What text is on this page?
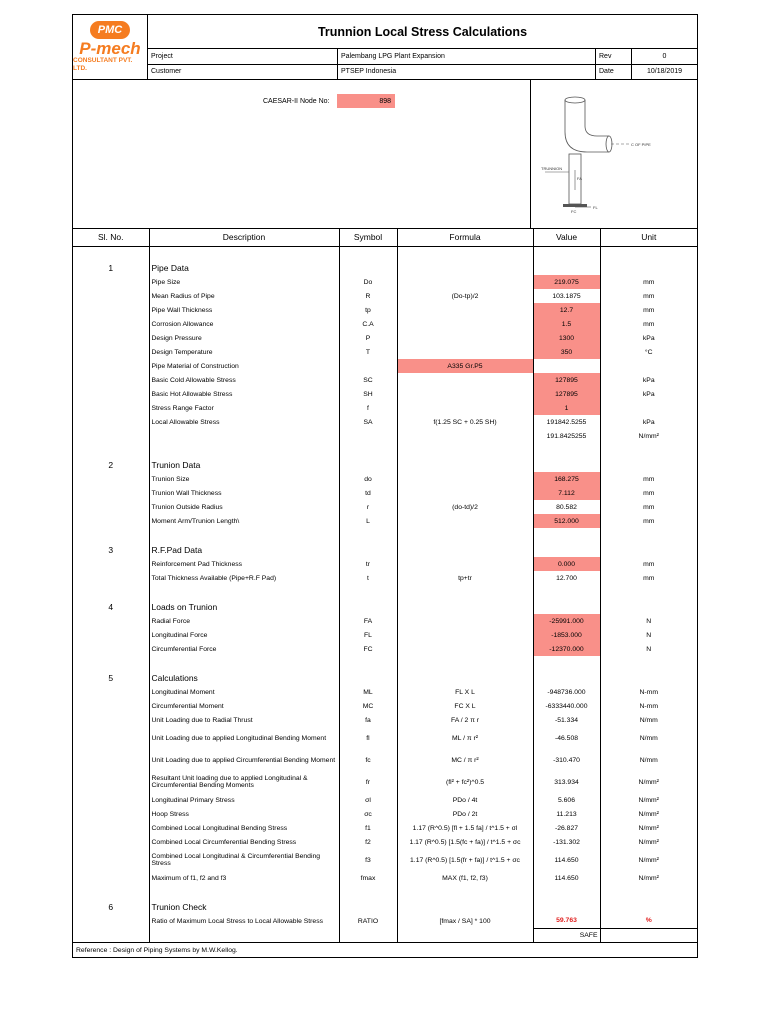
PMC
P-mech
CONSULTANT PVT. LTD.
Trunnion Local Stress Calculations
Project	Palembang LPG Plant Expansion	Rev	0
Customer	PTSEP Indonesia	Date	10/18/2019
CAESAR-II Node No:	898
TRUNNION
FA
FL
FC
C OF PIPE
Sl. No.	Description	Symbol	Formula	Value	Unit

1	Pipe Data				
	Pipe Size	Do		219.075	mm
	Mean Radius of Pipe	R	(Do-tp)/2	103.1875	mm
	Pipe Wall Thickness	tp		12.7	mm
	Corrosion Allowance	C.A		1.5	mm
	Design Pressure	P		1300	kPa
	Design Temperature	T		350	°C
	Pipe Material of Construction		A335 Gr.P5		
	Basic Cold Allowable Stress	SC		127895	kPa
	Basic Hot Allowable Stress	SH		127895	kPa
	Stress Range Factor	f		1	
	Local Allowable Stress	SA	f(1.25 SC + 0.25 SH)	191842.5255	kPa
				191.8425255	N/mm²

2	Trunion Data				
	Trunion Size	do		168.275	mm
	Trunion Wall Thickness	td		7.112	mm
	Trunion Outside Radius	r	(do-td)/2	80.582	mm
	Moment Arm/Trunion Length\	L		512.000	mm

3	R.F.Pad Data				
	Reinforcement Pad Thickness	tr		0.000	mm
	Total Thickness Available (Pipe+R.F Pad)	t	tp+tr	12.700	mm

4	Loads on Trunion				
	Radial Force	FA		-25991.000	N
	Longitudinal Force	FL		-1853.000	N
	Circumferential Force	FC		-12370.000	N

5	Calculations				
	Longitudinal Moment	ML	FL X L	-948736.000	N-mm
	Circumferential Moment	MC	FC X L	-6333440.000	N-mm
	Unit Loading due to Radial Thrust	fa	FA / 2 π r	-51.334	N/mm
	Unit Loading due to applied Longitudinal Bending Moment	fl	ML / π r²	-46.508	N/mm
	Unit Loading due to applied Circumferential Bending Moment	fc	MC / π r²	-310.470	N/mm
	Resultant Unit loading due to applied Longitudinal & Circumferential Bending Moments	fr	(fl² + fc²)^0.5	313.934	N/mm²
	Longitudinal Primary Stress	σl	PDo / 4t	5.606	N/mm²
	Hoop Stress	σc	PDo / 2t	11.213	N/mm²
	Combined Local Longitudinal Bending Stress	f1	1.17 (R^0.5) [fl + 1.5 fa] / t^1.5 + σl	-26.827	N/mm²
	Combined Local Circumferential Bending Stress	f2	1.17 (R^0.5) [1.5(fc + fa)] / t^1.5 + σc	-131.302	N/mm²
	Combined Local Longitudinal & Circumferential Bending Stress	f3	1.17 (R^0.5) [1.5(fr + fa)] / t^1.5 + σc	114.650	N/mm²
	Maximum of f1, f2 and f3	fmax	MAX (f1, f2, f3)	114.650	N/mm²

6	Trunion Check				
	Ratio of Maximum Local Stress to Local Allowable Stress	RATIO	[fmax / SA] * 100	59.763	%
				SAFE	
Reference : Design of Piping Systems by M.W.Kellog.
